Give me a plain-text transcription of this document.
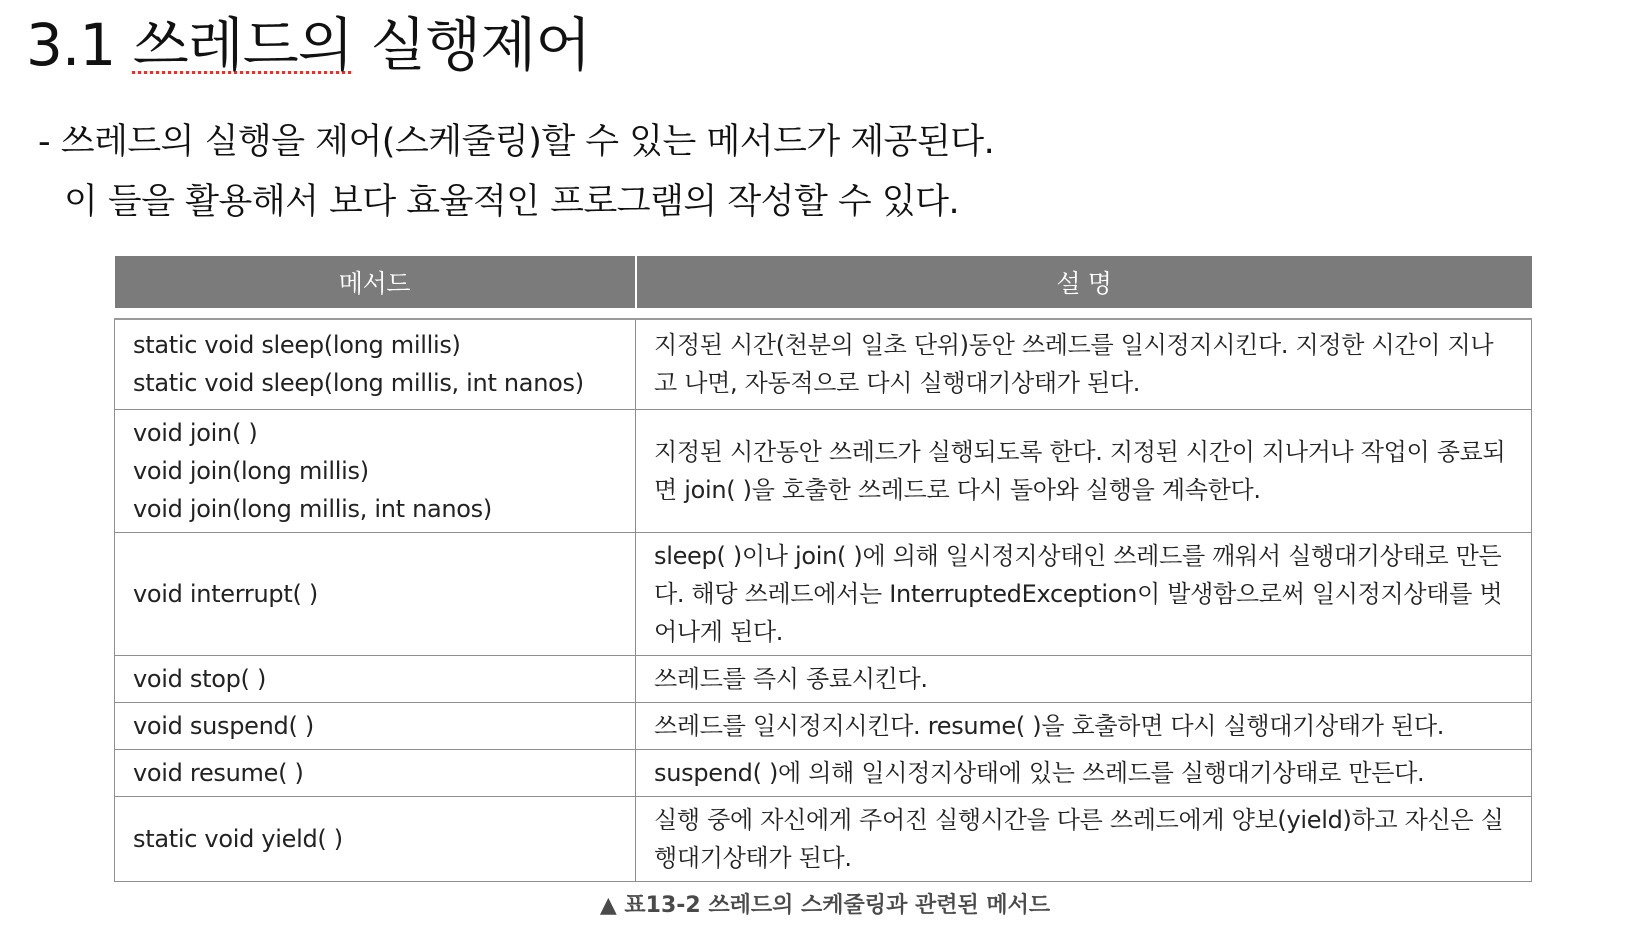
3.1 쓰레드의 실행제어
- 쓰레드의 실행을 제어(스케줄링)할 수 있는 메서드가 제공된다.
이 들을 활용해서 보다 효율적인 프로그램의 작성할 수 있다.
메서드	설 명

static void sleep(long millis)
static void sleep(long millis, int nanos)	지정된 시간(천분의 일초 단위)동안 쓰레드를 일시정지시킨다. 지정한 시간이 지나고 나면, 자동적으로 다시 실행대기상태가 된다.

void join( )
void join(long millis)
void join(long millis, int nanos)	지정된 시간동안 쓰레드가 실행되도록 한다. 지정된 시간이 지나거나 작업이 종료되면 join( )을 호출한 쓰레드로 다시 돌아와 실행을 계속한다.

void interrupt( )	sleep( )이나 join( )에 의해 일시정지상태인 쓰레드를 깨워서 실행대기상태로 만든다. 해당 쓰레드에서는 InterruptedException이 발생함으로써 일시정지상태를 벗어나게 된다.

void stop( )	쓰레드를 즉시 종료시킨다.

void suspend( )	쓰레드를 일시정지시킨다. resume( )을 호출하면 다시 실행대기상태가 된다.

void resume( )	suspend( )에 의해 일시정지상태에 있는 쓰레드를 실행대기상태로 만든다.

static void yield( )	실행 중에 자신에게 주어진 실행시간을 다른 쓰레드에게 양보(yield)하고 자신은 실행대기상태가 된다.
▲ 표13-2 쓰레드의 스케줄링과 관련된 메서드
